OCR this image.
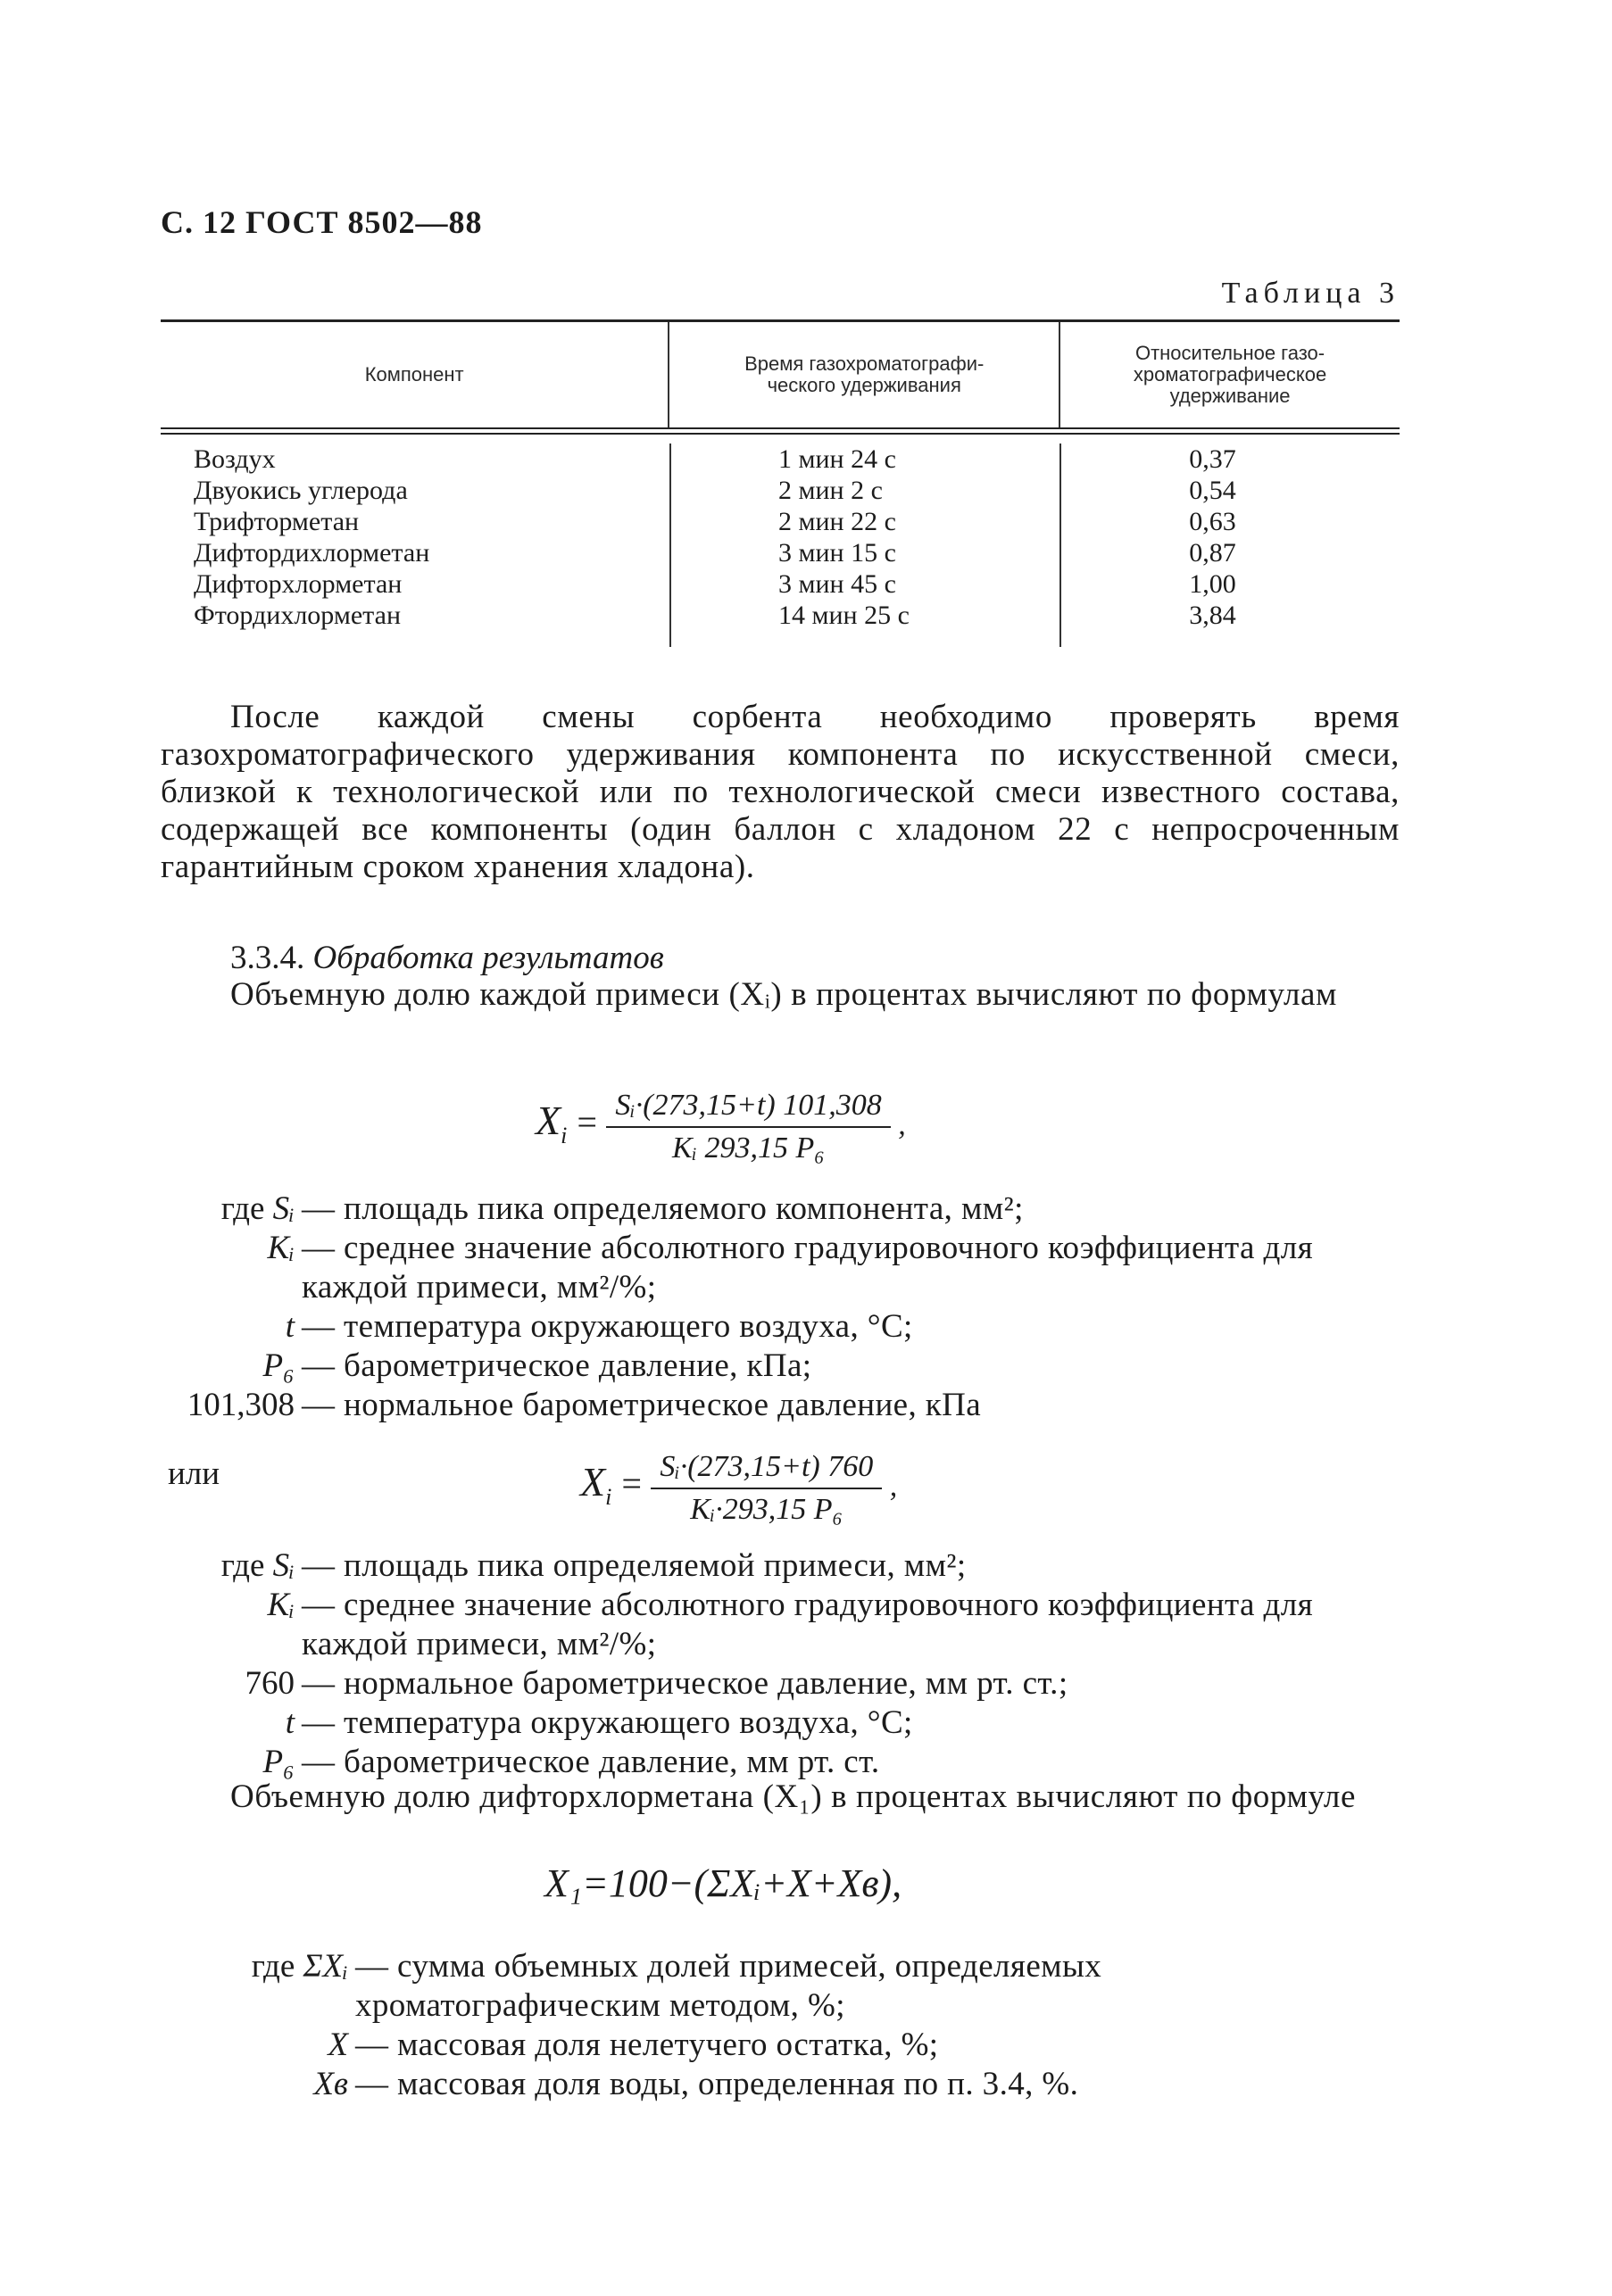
С. 12 ГОСТ 8502—88
Таблица 3
Компонент	Время газохроматографи-
ческого удерживания
Относительное газо-
хроматографическое
удерживание
Воздух
Двуокись углерода
Трифторметан
Дифтордихлорметан
Дифторхлорметан
Фтордихлорметан
1 мин 24 с
2 мин 2 с
2 мин 22 с
3 мин 15 с
3 мин 45 с
14 мин 25 с
0,37
0,54
0,63
0,87
1,00
3,84
После каждой смены сорбента необходимо проверять время газохроматографического удерживания компонента по искусственной смеси, близкой к технологической или по технологической смеси известного состава, содержащей все компоненты (один баллон с хладоном 22 с непросроченным гарантийным сроком хранения хладона).
3.3.4. Обработка результатов
Объемную долю каждой примеси (Xᵢ) в процентах вычисляют по формулам
$X_i = \frac{\text{Sᵢ·(273,15+t) 101,308}}{\text{Kᵢ 293,15 P₆}}$ ,
где Sᵢ — площадь пика определяемого компонента, мм²;
Kᵢ — среднее значение абсолютного градуировочного коэффициента для каждой примеси, мм²/%;
t — температура окружающего воздуха, °С;
P₆ — барометрическое давление, кПа;
101,308 — нормальное барометрическое давление, кПа
или	$X_i = \frac{\text{Sᵢ·(273,15+t) 760}}{\text{Kᵢ·293,15 P₆}}$ ,
где Sᵢ — площадь пика определяемой примеси, мм²;
Kᵢ — среднее значение абсолютного градуировочного коэффициента для каждой примеси, мм²/%;
760 — нормальное барометрическое давление, мм рт. ст.;
t — температура окружающего воздуха, °С;
P₆ — барометрическое давление, мм рт. ст.
Объемную долю дифторхлорметана (X₁) в процентах вычисляют по формуле
X₁=100−(ΣXᵢ+X+Xв),
где ΣXᵢ — сумма объемных долей примесей, определяемых хроматографическим методом, %;
X — массовая доля нелетучего остатка, %;
Xв — массовая доля воды, определенная по п. 3.4, %.
